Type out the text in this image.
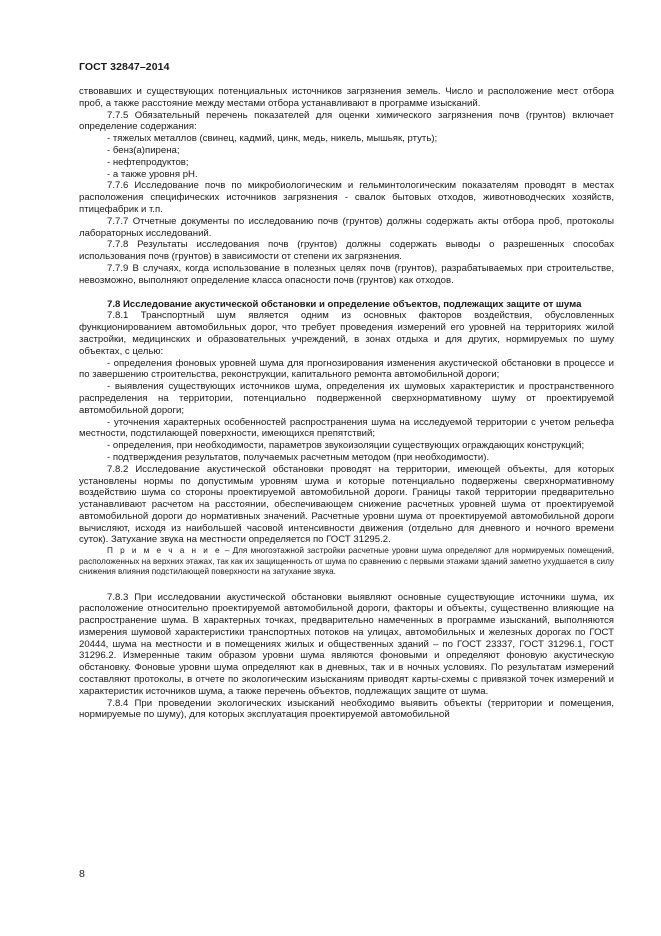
ГОСТ 32847–2014

ствовавших и существующих потенциальных источников загрязнения земель. Число и расположение мест отбора проб, а также расстояние между местами отбора устанавливают в программе изысканий.

7.7.5 Обязательный перечень показателей для оценки химического загрязнения почв (грунтов) включает определение содержания:

- тяжелых металлов (свинец, кадмий, цинк, медь, никель, мышьяк, ртуть);

- бенз(а)пирена;

- нефтепродуктов;

- а также уровня pH.

7.7.6 Исследование почв по микробиологическим и гельминтологическим показателям проводят в местах расположения специфических источников загрязнения - свалок бытовых отходов, животноводческих хозяйств, птицефабрик и т.п.

7.7.7 Отчетные документы по исследованию почв (грунтов) должны содержать акты отбора проб, протоколы лабораторных исследований.

7.7.8 Результаты исследования почв (грунтов) должны содержать выводы о разрешенных способах использования почв (грунтов) в зависимости от степени их загрязнения.

7.7.9 В случаях, когда использование в полезных целях почв (грунтов), разрабатываемых при строительстве, невозможно, выполняют определение класса опасности почв (грунтов) как отходов.

7.8 Исследование акустической обстановки и определение объектов, подлежащих защите от шума

7.8.1 Транспортный шум является одним из основных факторов воздействия, обусловленных функционированием автомобильных дорог, что требует проведения измерений его уровней на территориях жилой застройки, медицинских и образовательных учреждений, в зонах отдыха и для других, нормируемых по шуму объектах, с целью:

- определения фоновых уровней шума для прогнозирования изменения акустической обстановки в процессе и по завершению строительства, реконструкции, капитального ремонта автомобильной дороги;

- выявления существующих источников шума, определения их шумовых характеристик и пространственного распределения на территории, потенциально подверженной сверхнормативному шуму от проектируемой автомобильной дороги;

- уточнения характерных особенностей распространения шума на исследуемой территории с учетом рельефа местности, подстилающей поверхности, имеющихся препятствий;

- определения, при необходимости, параметров звукоизоляции существующих ограждающих конструкций;

- подтверждения результатов, получаемых расчетным методом (при необходимости).

7.8.2 Исследование акустической обстановки проводят на территории, имеющей объекты, для которых установлены нормы по допустимым уровням шума и которые потенциально подвержены сверхнормативному воздействию шума со стороны проектируемой автомобильной дороги. Границы такой территории предварительно устанавливают расчетом на расстоянии, обеспечивающем снижение расчетных уровней шума от проектируемой автомобильной дороги до нормативных значений. Расчетные уровни шума от проектируемой автомобильной дороги вычисляют, исходя из наибольшей часовой интенсивности движения (отдельно для дневного и ночного времени суток). Затухание звука на местности определяется по ГОСТ 31295.2.

П р и м е ч а н и е – Для многоэтажной застройки расчетные уровни шума определяют для нормируемых помещений, расположенных на верхних этажах, так как их защищенность от шума по сравнению с первыми этажами зданий заметно ухудшается в силу снижения влияния подстилающей поверхности на затухание звука.

7.8.3 При исследовании акустической обстановки выявляют основные существующие источники шума, их расположение относительно проектируемой автомобильной дороги, факторы и объекты, существенно влияющие на распространение шума. В характерных точках, предварительно намеченных в программе изысканий, выполняются измерения шумовой характеристики транспортных потоков на улицах, автомобильных и железных дорогах по ГОСТ 20444, шума на местности и в помещениях жилых и общественных зданий – по ГОСТ 23337, ГОСТ 31296.1, ГОСТ 31296.2. Измеренные таким образом уровни шума являются фоновыми и определяют фоновую акустическую обстановку. Фоновые уровни шума определяют как в дневных, так и в ночных условиях. По результатам измерений составляют протоколы, в отчете по экологическим изысканиям приводят карты-схемы с привязкой точек измерений и характеристик источников шума, а также перечень объектов, подлежащих защите от шума.

7.8.4 При проведении экологических изысканий необходимо выявить объекты (территории и помещения, нормируемые по шуму), для которых эксплуатация проектируемой автомобильной

8
